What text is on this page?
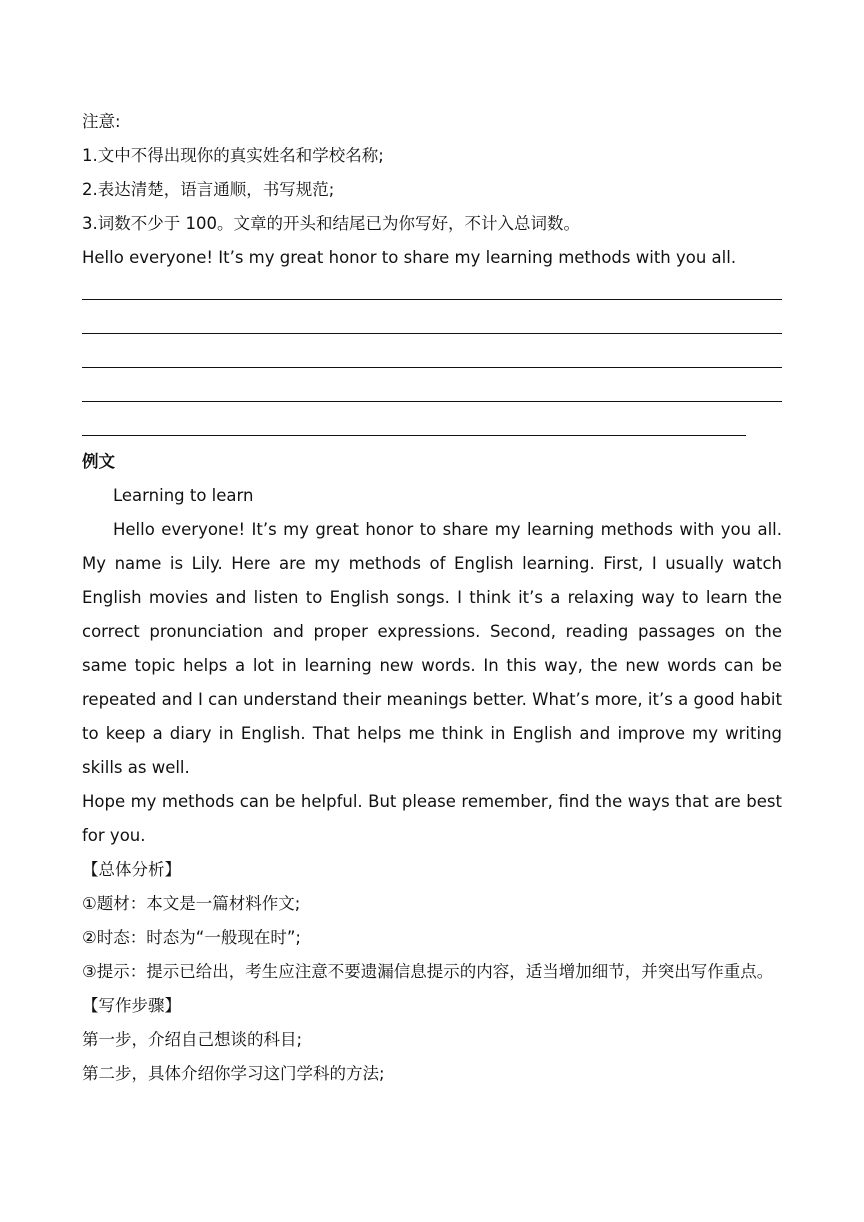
注意:
1.文中不得出现你的真实姓名和学校名称;
2.表达清楚，语言通顺，书写规范;
3.词数不少于 100。文章的开头和结尾已为你写好，不计入总词数。
Hello everyone! It’s my great honor to share my learning methods with you all.
例文
Learning to learn
Hello everyone! It’s my great honor to share my learning methods with you all. My name is Lily. Here are my methods of English learning. First, I usually watch English movies and listen to English songs. I think it’s a relaxing way to learn the correct pronunciation and proper expressions. Second, reading passages on the same topic helps a lot in learning new words. In this way, the new words can be repeated and I can understand their meanings better. What’s more, it’s a good habit to keep a diary in English. That helps me think in English and improve my writing skills as well.
Hope my methods can be helpful. But please remember, find the ways that are best for you.
【总体分析】
①题材：本文是一篇材料作文;
②时态：时态为“一般现在时”;
③提示：提示已给出，考生应注意不要遗漏信息提示的内容，适当增加细节，并突出写作重点。
【写作步骤】
第一步，介绍自己想谈的科目;
第二步，具体介绍你学习这门学科的方法;
